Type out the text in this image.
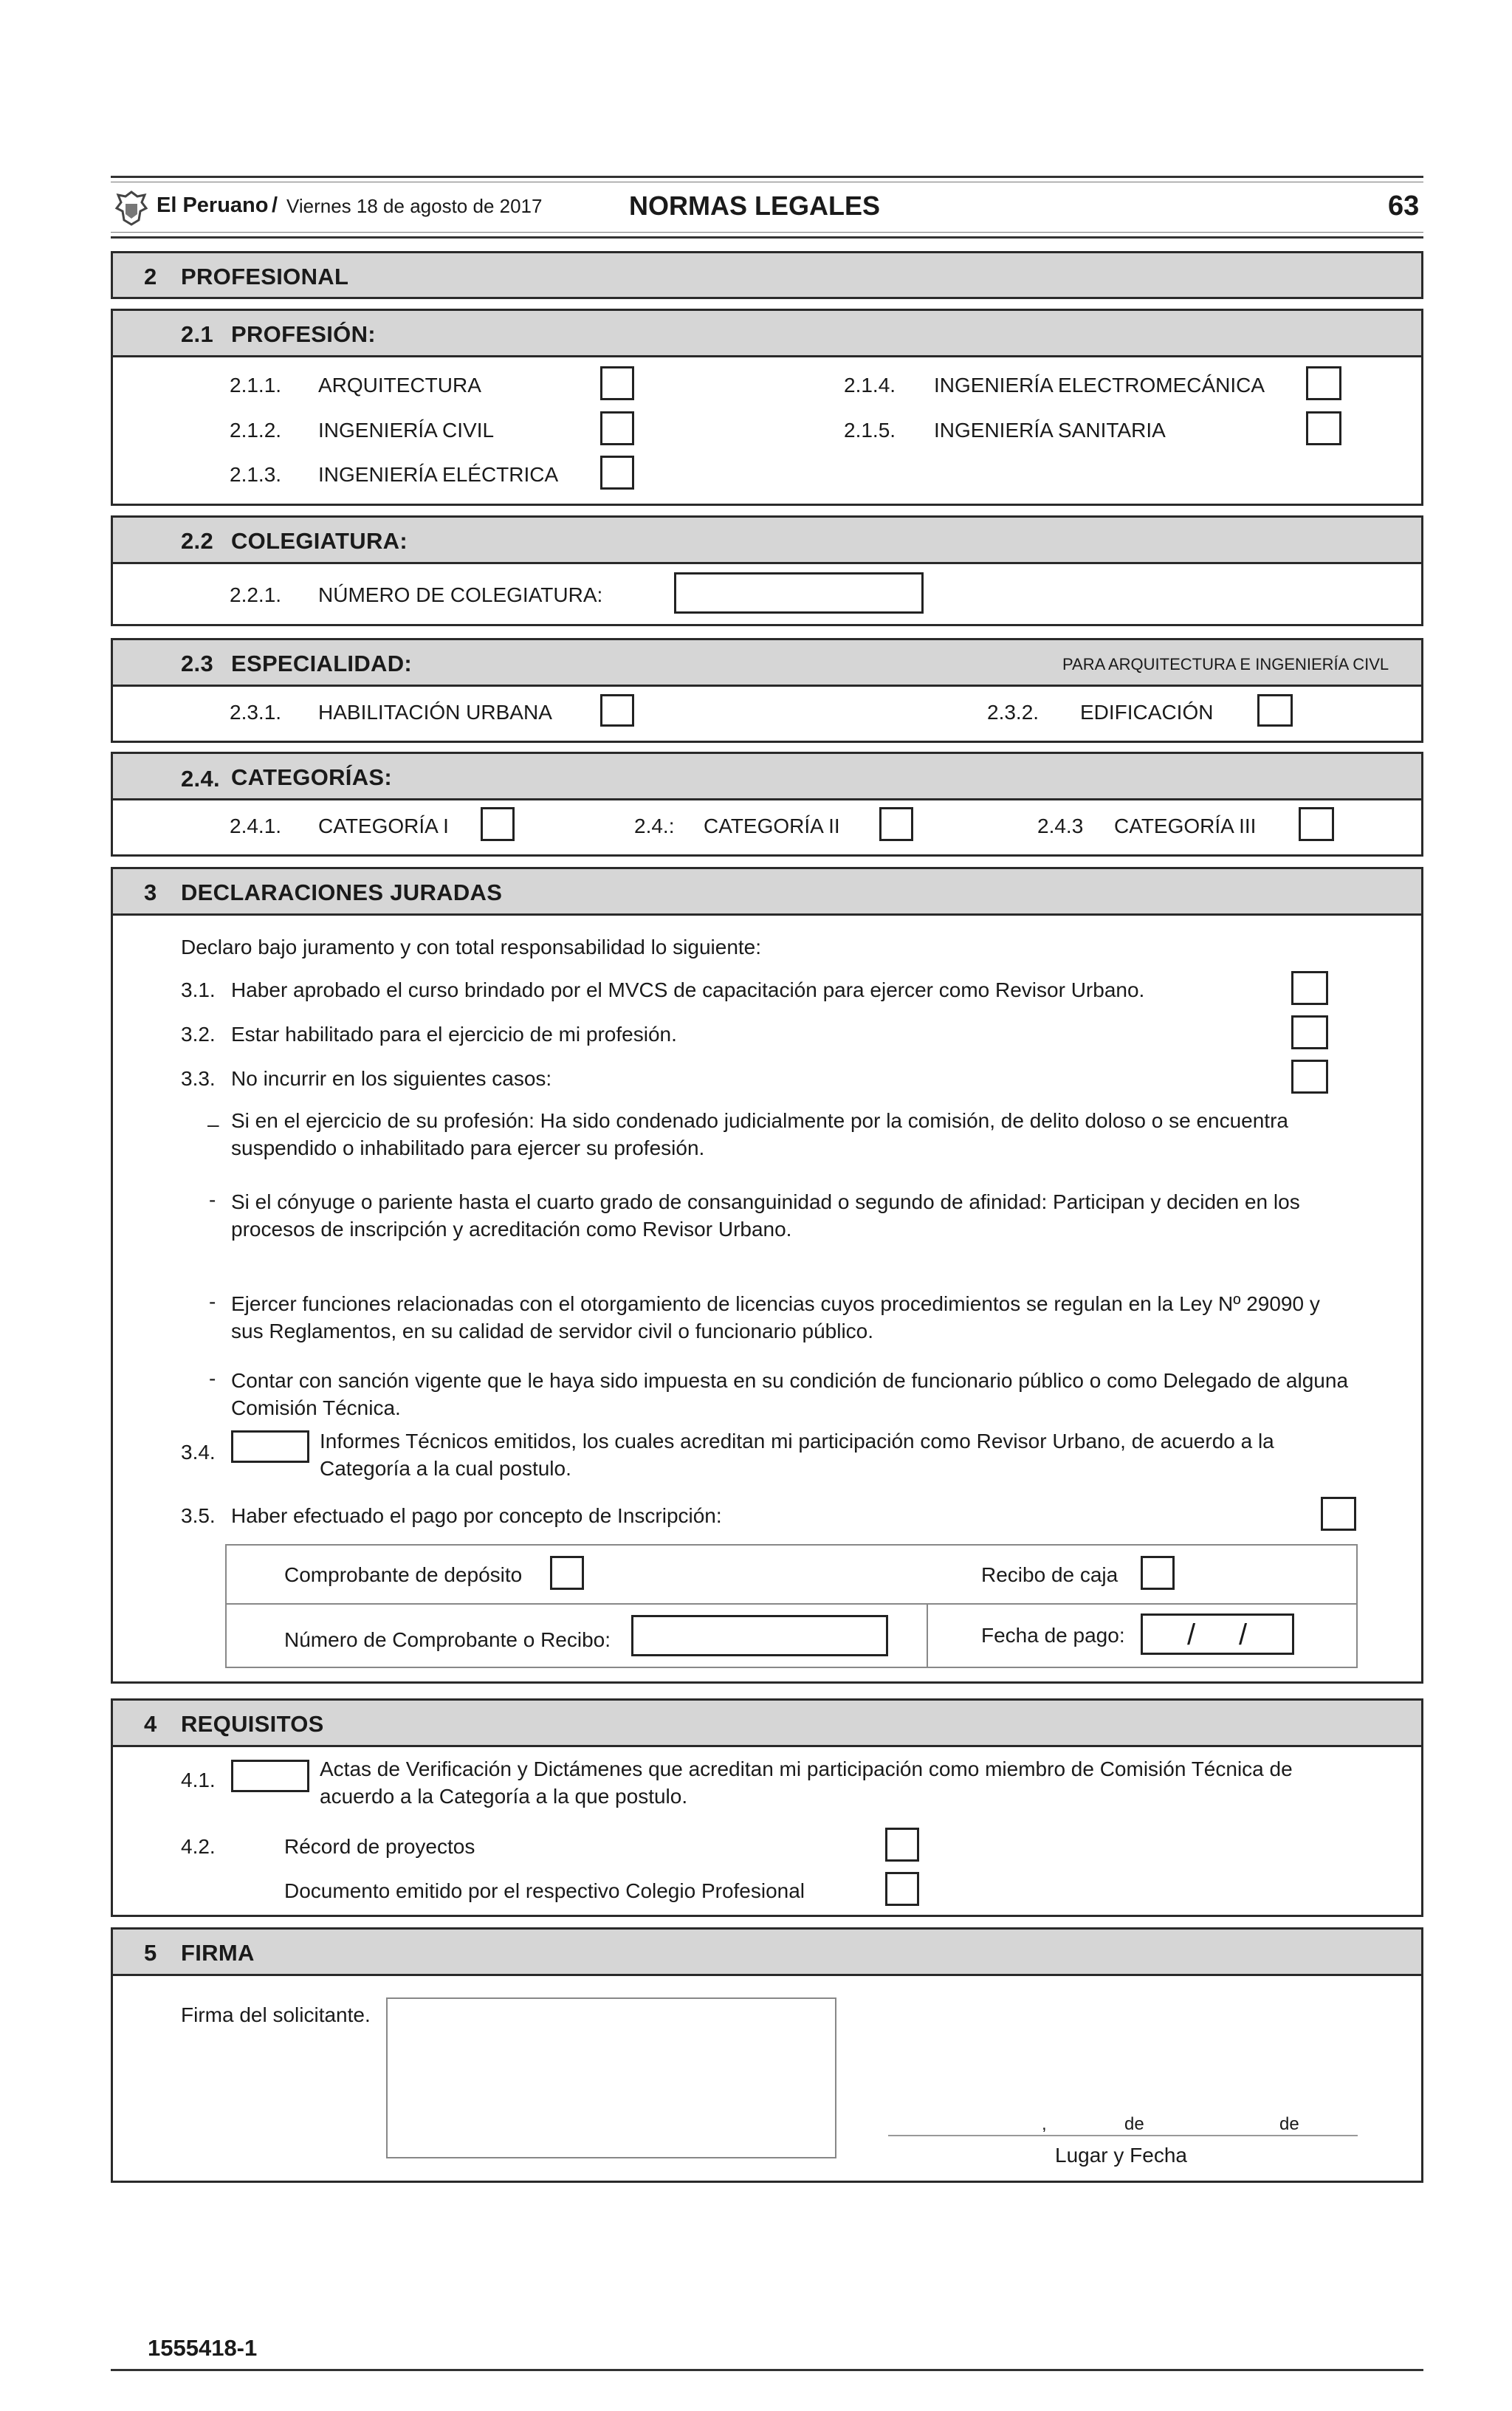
El Peruano / Viernes 18 de agosto de 2017	NORMAS LEGALES	63
2 PROFESIONAL
2.1 PROFESIÓN:
2.1.1. ARQUITECTURA
2.1.2. INGENIERÍA CIVIL
2.1.3. INGENIERÍA ELÉCTRICA
2.1.4. INGENIERÍA ELECTROMECÁNICA
2.1.5. INGENIERÍA SANITARIA
2.2 COLEGIATURA:
2.2.1. NÚMERO DE COLEGIATURA:
2.3 ESPECIALIDAD:	PARA ARQUITECTURA E INGENIERÍA CIVL
2.3.1. HABILITACIÓN URBANA	2.3.2. EDIFICACIÓN
2.4. CATEGORÍAS:
2.4.1. CATEGORÍA I	2.4.: CATEGORÍA II	2.4.3 CATEGORÍA III
3 DECLARACIONES JURADAS
Declaro bajo juramento y con total responsabilidad lo siguiente:
3.1. Haber aprobado el curso brindado por el MVCS de capacitación para ejercer como Revisor Urbano.
3.2. Estar habilitado para el ejercicio de mi profesión.
3.3. No incurrir en los siguientes casos:
– Si en el ejercicio de su profesión: Ha sido condenado judicialmente por la comisión, de delito doloso o se encuentra suspendido o inhabilitado para ejercer su profesión.
- Si el cónyuge o pariente hasta el cuarto grado de consanguinidad o segundo de afinidad: Participan y deciden en los procesos de inscripción y acreditación como Revisor Urbano.
- Ejercer funciones relacionadas con el otorgamiento de licencias cuyos procedimientos se regulan en la Ley Nº 29090 y sus Reglamentos, en su calidad de servidor civil o funcionario público.
- Contar con sanción vigente que le haya sido impuesta en su condición de funcionario público o como Delegado de alguna Comisión Técnica.
3.4.	Informes Técnicos emitidos, los cuales acreditan mi participación como Revisor Urbano, de acuerdo a la Categoría a la cual postulo.
3.5. Haber efectuado el pago por concepto de Inscripción:
Comprobante de depósito	Recibo de caja
Número de Comprobante o Recibo:	Fecha de pago: / /
4 REQUISITOS
4.1.	Actas de Verificación y Dictámenes que acreditan mi participación como miembro de Comisión Técnica de acuerdo a la Categoría a la que postulo.
4.2.	Récord de proyectos
Documento emitido por el respectivo Colegio Profesional
5 FIRMA
Firma del solicitante.
,	de	de
Lugar y Fecha
1555418-1
